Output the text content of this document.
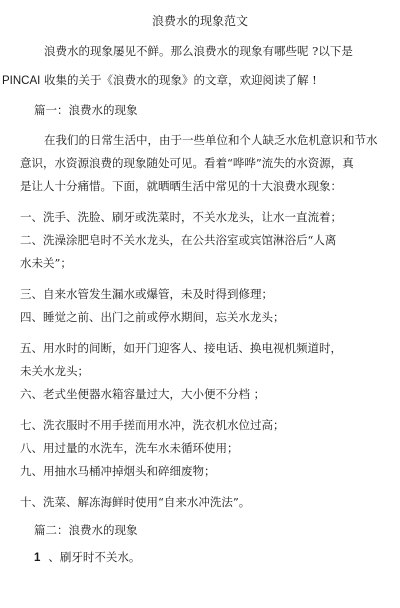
浪费水的现象范文
浪费水的现象屡见不鲜。那么浪费水的现象有哪些呢 ?以下是
PINCAI 收集的关于《浪费水的现象》的文章，欢迎阅读了解 !
篇一：浪费水的现象
在我们的日常生活中，由于一些单位和个人缺乏水危机意识和节水
意识，水资源浪费的现象随处可见。看着“哗哗”流失的水资源，真
是让人十分痛惜。下面，就晒晒生活中常见的十大浪费水现象：
一、洗手、洗脸、刷牙或洗菜时，不关水龙头，让水一直流着；
二、洗澡涂肥皂时不关水龙头，在公共浴室或宾馆淋浴后“人离
水未关”；
三、自来水管发生漏水或爆管，未及时得到修理；
四、睡觉之前、出门之前或停水期间，忘关水龙头；
五、用水时的间断，如开门迎客人、接电话、换电视机频道时，
未关水龙头；
六、老式坐便器水箱容量过大，大小便不分档 ；
七、洗衣服时不用手搓而用水冲，洗衣机水位过高；
八、用过量的水洗车，洗车水未循环使用；
九、用抽水马桶冲掉烟头和碎细废物；
十、洗菜、解冻海鲜时使用“自来水冲洗法”。
篇二：浪费水的现象
1 、刷牙时不关水。
